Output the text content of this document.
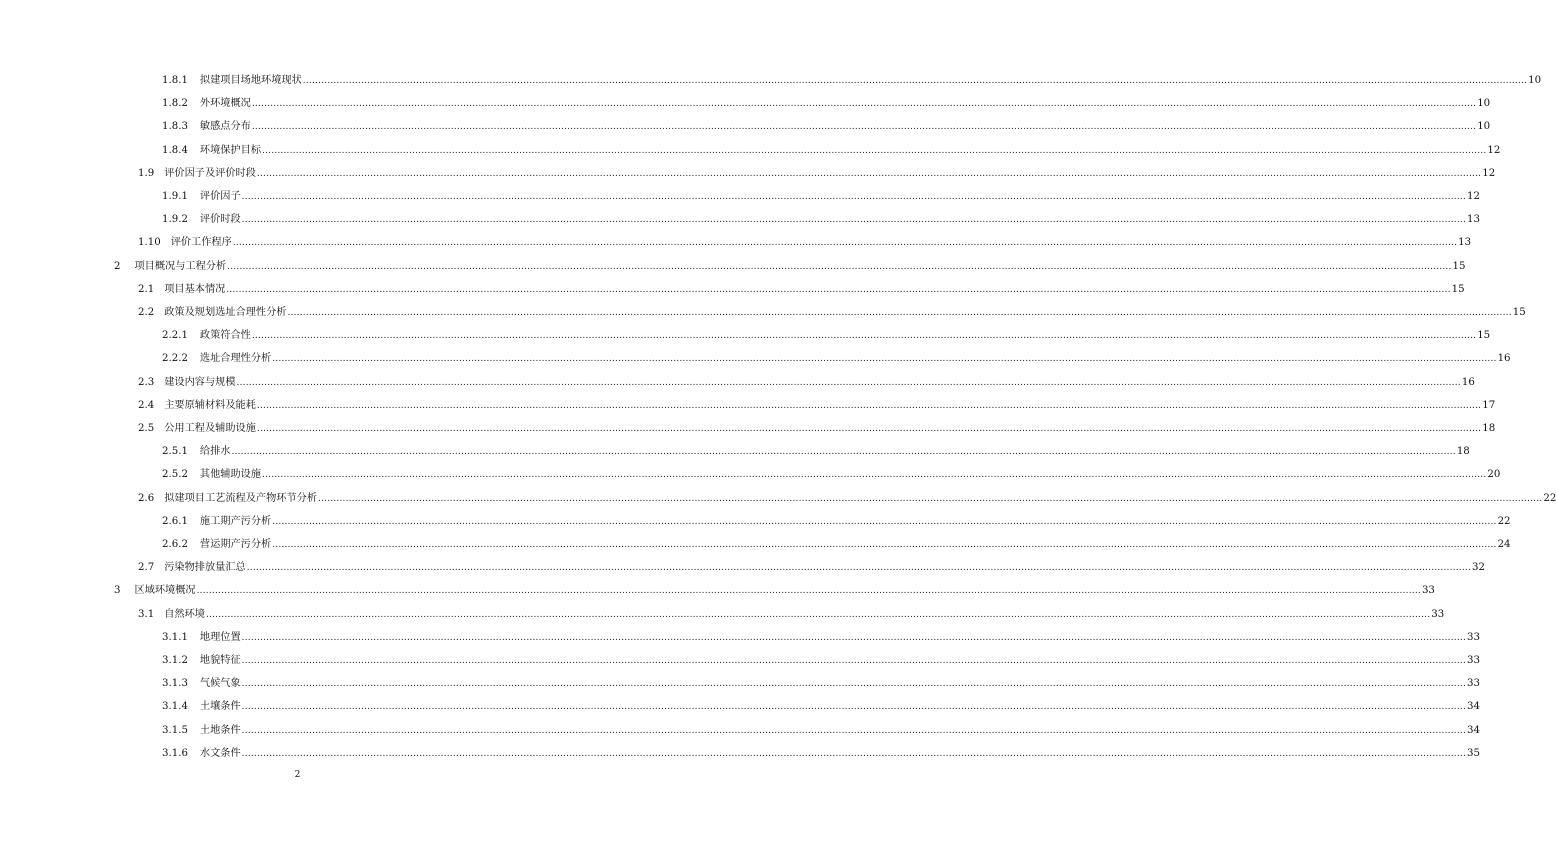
1.8.1	拟建项目场地环境现状 ................................................................................................................................................................................................................................................................................................................................................................................................................ 10
1.8.2	外环境概况 ................................................................................................................................................................................................................................................................................................................................................................................................................ 10
1.8.3	敏感点分布 ................................................................................................................................................................................................................................................................................................................................................................................................................ 10
1.8.4	环境保护目标 ................................................................................................................................................................................................................................................................................................................................................................................................................ 12
1.9 评价因子及评价时段 ................................................................................................................................................................................................................................................................................................................................................................................................................ 12
1.9.1	评价因子 ................................................................................................................................................................................................................................................................................................................................................................................................................ 12
1.9.2	评价时段 ................................................................................................................................................................................................................................................................................................................................................................................................................ 13
1.10 评价工作程序 ................................................................................................................................................................................................................................................................................................................................................................................................................ 13
2	项目概况与工程分析 ................................................................................................................................................................................................................................................................................................................................................................................................................ 15
2.1 项目基本情况 ................................................................................................................................................................................................................................................................................................................................................................................................................ 15
2.2 政策及规划选址合理性分析 ................................................................................................................................................................................................................................................................................................................................................................................................................ 15
2.2.1	政策符合性 ................................................................................................................................................................................................................................................................................................................................................................................................................ 15
2.2.2	选址合理性分析 ................................................................................................................................................................................................................................................................................................................................................................................................................ 16
2.3 建设内容与规模 ................................................................................................................................................................................................................................................................................................................................................................................................................ 16
2.4 主要原辅材料及能耗 ................................................................................................................................................................................................................................................................................................................................................................................................................ 17
2.5 公用工程及辅助设施 ................................................................................................................................................................................................................................................................................................................................................................................................................ 18
2.5.1	给排水 ................................................................................................................................................................................................................................................................................................................................................................................................................ 18
2.5.2	其他辅助设施 ................................................................................................................................................................................................................................................................................................................................................................................................................ 20
2.6 拟建项目工艺流程及产物环节分析 ................................................................................................................................................................................................................................................................................................................................................................................................................ 22
2.6.1	施工期产污分析 ................................................................................................................................................................................................................................................................................................................................................................................................................ 22
2.6.2	营运期产污分析 ................................................................................................................................................................................................................................................................................................................................................................................................................ 24
2.7 污染物排放量汇总 ................................................................................................................................................................................................................................................................................................................................................................................................................ 32
3	区域环境概况 ................................................................................................................................................................................................................................................................................................................................................................................................................ 33
3.1 自然环境 ................................................................................................................................................................................................................................................................................................................................................................................................................ 33
3.1.1	地理位置 ................................................................................................................................................................................................................................................................................................................................................................................................................ 33
3.1.2	地貌特征 ................................................................................................................................................................................................................................................................................................................................................................................................................ 33
3.1.3	气候气象 ................................................................................................................................................................................................................................................................................................................................................................................................................ 33
3.1.4	土壤条件 ................................................................................................................................................................................................................................................................................................................................................................................................................ 34
3.1.5	土地条件 ................................................................................................................................................................................................................................................................................................................................................................................................................ 34
3.1.6	水文条件 ................................................................................................................................................................................................................................................................................................................................................................................................................ 35
2
